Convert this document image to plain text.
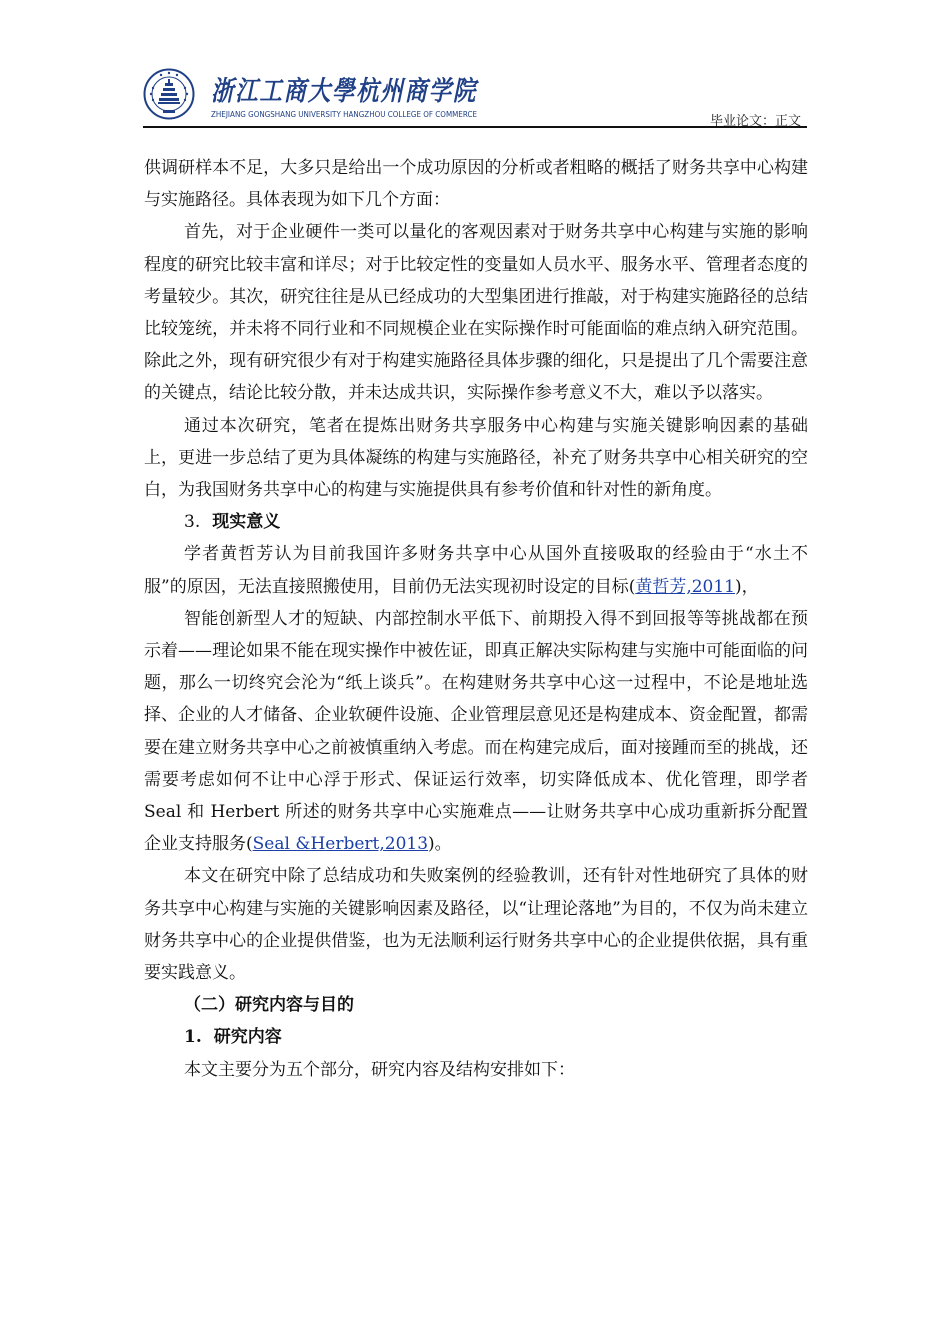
浙江工商大學杭州商学院
ZHEJIANG GONGSHANG UNIVERSITY HANGZHOU COLLEGE OF COMMERCE	毕业论文：正文

供调研样本不足，大多只是给出一个成功原因的分析或者粗略的概括了财务共享中心构建与实施路径。具体表现为如下几个方面：

首先，对于企业硬件一类可以量化的客观因素对于财务共享中心构建与实施的影响程度的研究比较丰富和详尽；对于比较定性的变量如人员水平、服务水平、管理者态度的考量较少。其次，研究往往是从已经成功的大型集团进行推敲，对于构建实施路径的总结比较笼统，并未将不同行业和不同规模企业在实际操作时可能面临的难点纳入研究范围。除此之外，现有研究很少有对于构建实施路径具体步骤的细化，只是提出了几个需要注意的关键点，结论比较分散，并未达成共识，实际操作参考意义不大，难以予以落实。

通过本次研究，笔者在提炼出财务共享服务中心构建与实施关键影响因素的基础上，更进一步总结了更为具体凝练的构建与实施路径，补充了财务共享中心相关研究的空白，为我国财务共享中心的构建与实施提供具有参考价值和针对性的新角度。

3. 现实意义

学者黄哲芳认为目前我国许多财务共享中心从国外直接吸取的经验由于“水土不服”的原因，无法直接照搬使用，目前仍无法实现初时设定的目标(黄哲芳,2011)，

智能创新型人才的短缺、内部控制水平低下、前期投入得不到回报等等挑战都在预示着——理论如果不能在现实操作中被佐证，即真正解决实际构建与实施中可能面临的问题，那么一切终究会沦为“纸上谈兵”。在构建财务共享中心这一过程中，不论是地址选择、企业的人才储备、企业软硬件设施、企业管理层意见还是构建成本、资金配置，都需要在建立财务共享中心之前被慎重纳入考虑。而在构建完成后，面对接踵而至的挑战，还需要考虑如何不让中心浮于形式、保证运行效率，切实降低成本、优化管理，即学者 Seal 和 Herbert 所述的财务共享中心实施难点——让财务共享中心成功重新拆分配置企业支持服务(Seal &Herbert,2013)。

本文在研究中除了总结成功和失败案例的经验教训，还有针对性地研究了具体的财务共享中心构建与实施的关键影响因素及路径，以“让理论落地”为目的，不仅为尚未建立财务共享中心的企业提供借鉴，也为无法顺利运行财务共享中心的企业提供依据，具有重要实践意义。

（二）研究内容与目的
1. 研究内容

本文主要分为五个部分，研究内容及结构安排如下：
